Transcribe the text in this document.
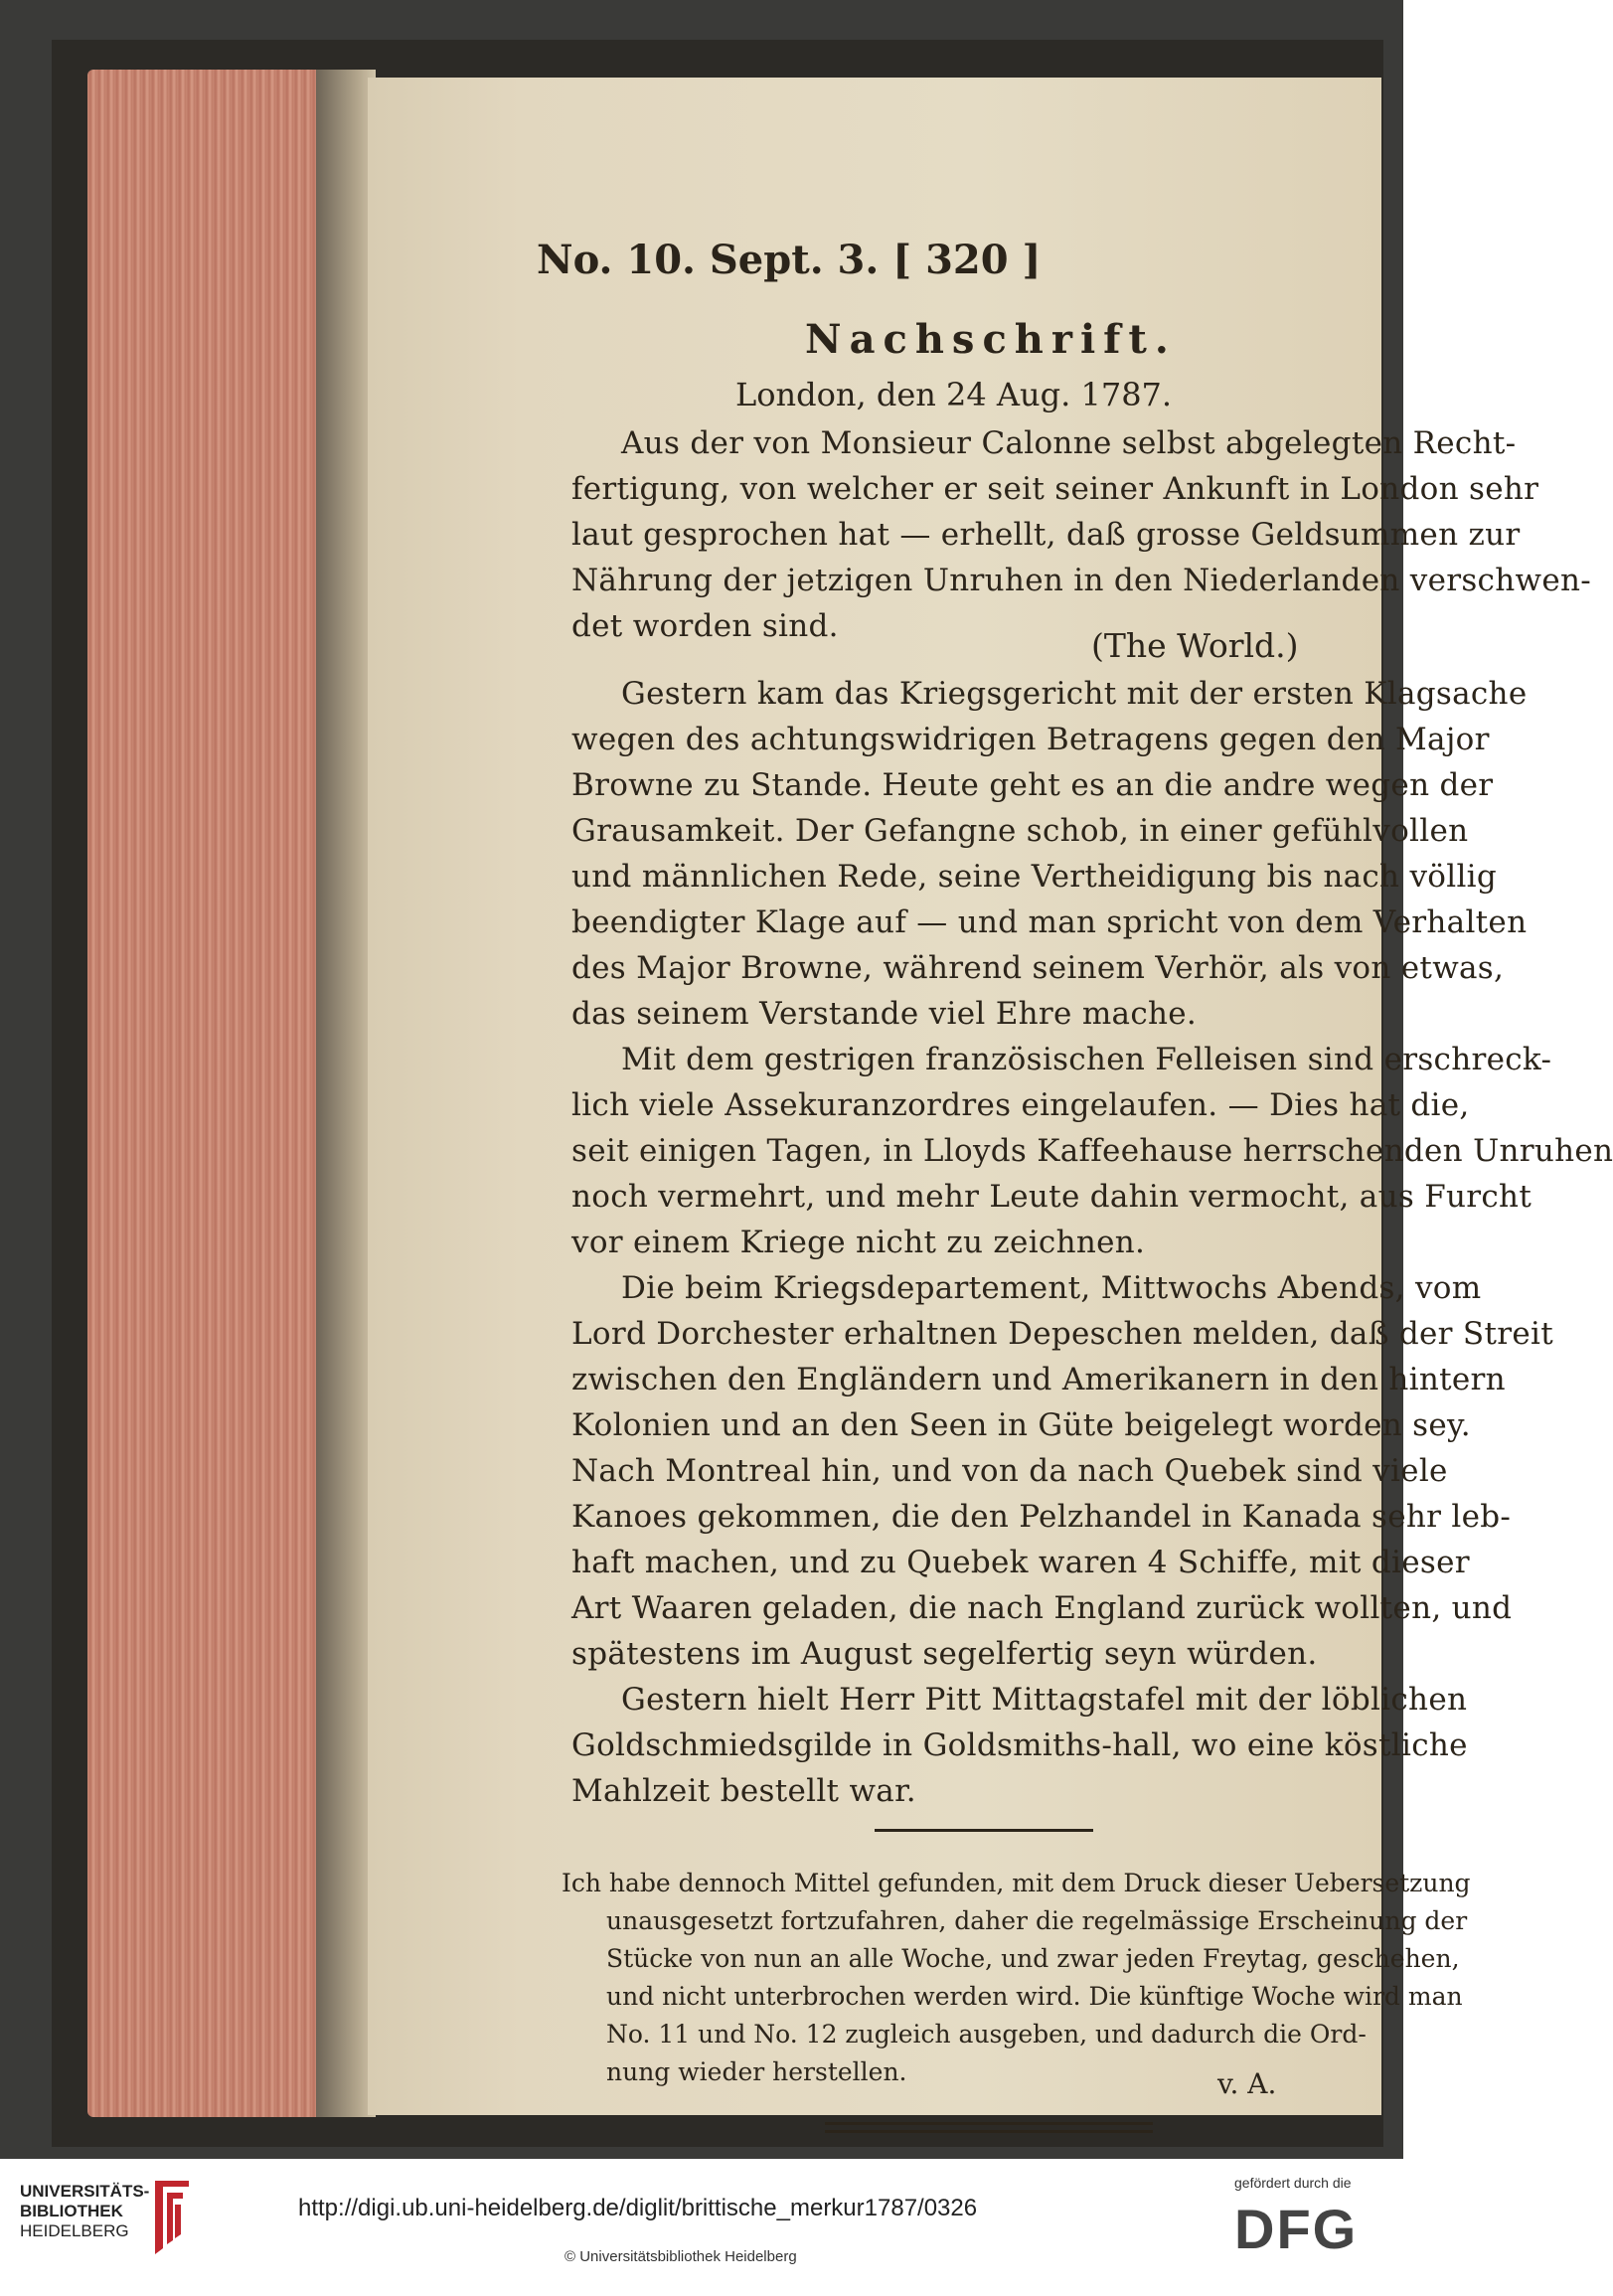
No. 10. Sept. 3. [ 320 ]
Nachschrift.
London, den 24 Aug. 1787.
Aus der von Monsieur Calonne selbst abgelegten Recht-
fertigung, von welcher er seit seiner Ankunft in London sehr
laut gesprochen hat — erhellt, daß grosse Geldsummen zur
Nährung der jetzigen Unruhen in den Niederlanden verschwen-
det worden sind.	(The World.)
Gestern kam das Kriegsgericht mit der ersten Klagsache
wegen des achtungswidrigen Betragens gegen den Major
Browne zu Stande. Heute geht es an die andre wegen der
Grausamkeit. Der Gefangne schob, in einer gefühlvollen
und männlichen Rede, seine Vertheidigung bis nach völlig
beendigter Klage auf — und man spricht von dem Verhalten
des Major Browne, während seinem Verhör, als von etwas,
das seinem Verstande viel Ehre mache.
Mit dem gestrigen französischen Felleisen sind erschreck-
lich viele Assekuranzordres eingelaufen. — Dies hat die,
seit einigen Tagen, in Lloyds Kaffeehause herrschenden Unruhen
noch vermehrt, und mehr Leute dahin vermocht, aus Furcht
vor einem Kriege nicht zu zeichnen.
Die beim Kriegsdepartement, Mittwochs Abends, vom
Lord Dorchester erhaltnen Depeschen melden, daß der Streit
zwischen den Engländern und Amerikanern in den hintern
Kolonien und an den Seen in Güte beigelegt worden sey.
Nach Montreal hin, und von da nach Quebek sind viele
Kanoes gekommen, die den Pelzhandel in Kanada sehr leb-
haft machen, und zu Quebek waren 4 Schiffe, mit dieser
Art Waaren geladen, die nach England zurück wollten, und
spätestens im August segelfertig seyn würden.
Gestern hielt Herr Pitt Mittagstafel mit der löblichen
Goldschmiedsgilde in Goldsmiths-hall, wo eine köstliche
Mahlzeit bestellt war.
Ich habe dennoch Mittel gefunden, mit dem Druck dieser Uebersetzung
unausgesetzt fortzufahren, daher die regelmässige Erscheinung der
Stücke von nun an alle Woche, und zwar jeden Freytag, geschehen,
und nicht unterbrochen werden wird. Die künftige Woche wird man
No. 11 und No. 12 zugleich ausgeben, und dadurch die Ord-
nung wieder herstellen.	v. A.
UNIVERSITÄTS-
BIBLIOTHEK
HEIDELBERG
http://digi.ub.uni-heidelberg.de/diglit/brittische_merkur1787/0326
© Universitätsbibliothek Heidelberg
gefördert durch die
DFG
